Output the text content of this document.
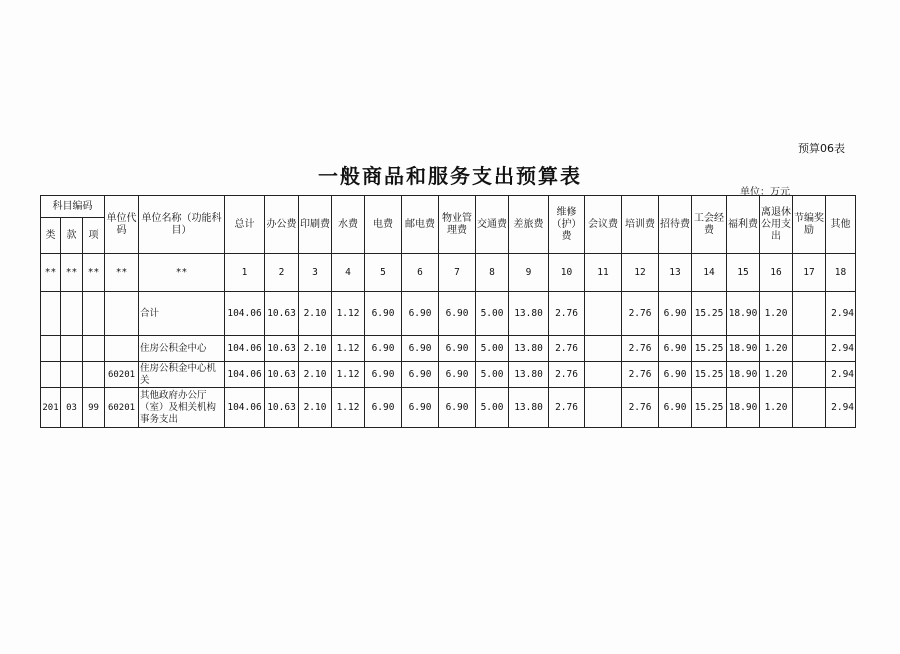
预算06表
一般商品和服务支出预算表
单位：万元
科目编码			单位代码	单位名称（功能科目）	总计	办公费	印刷费	水费	电费	邮电费	物业管理费	交通费	差旅费	维修（护）费	会议费	培训费	招待费	工会经费	福利费	离退休公用支出	节编奖励	其他
类	款	项																				
**	**	**	**	**	1	2	3	4	5	6	7	8	9	10	11	12	13	14	15	16	17	18
				合计	104.06	10.63	2.10	1.12	6.90	6.90	6.90	5.00	13.80	2.76		2.76	6.90	15.25	18.90	1.20		2.94
				住房公积金中心	104.06	10.63	2.10	1.12	6.90	6.90	6.90	5.00	13.80	2.76		2.76	6.90	15.25	18.90	1.20		2.94
			60201	住房公积金中心机关	104.06	10.63	2.10	1.12	6.90	6.90	6.90	5.00	13.80	2.76		2.76	6.90	15.25	18.90	1.20		2.94
201	03	99	60201	其他政府办公厅（室）及相关机构事务支出	104.06	10.63	2.10	1.12	6.90	6.90	6.90	5.00	13.80	2.76		2.76	6.90	15.25	18.90	1.20		2.94
